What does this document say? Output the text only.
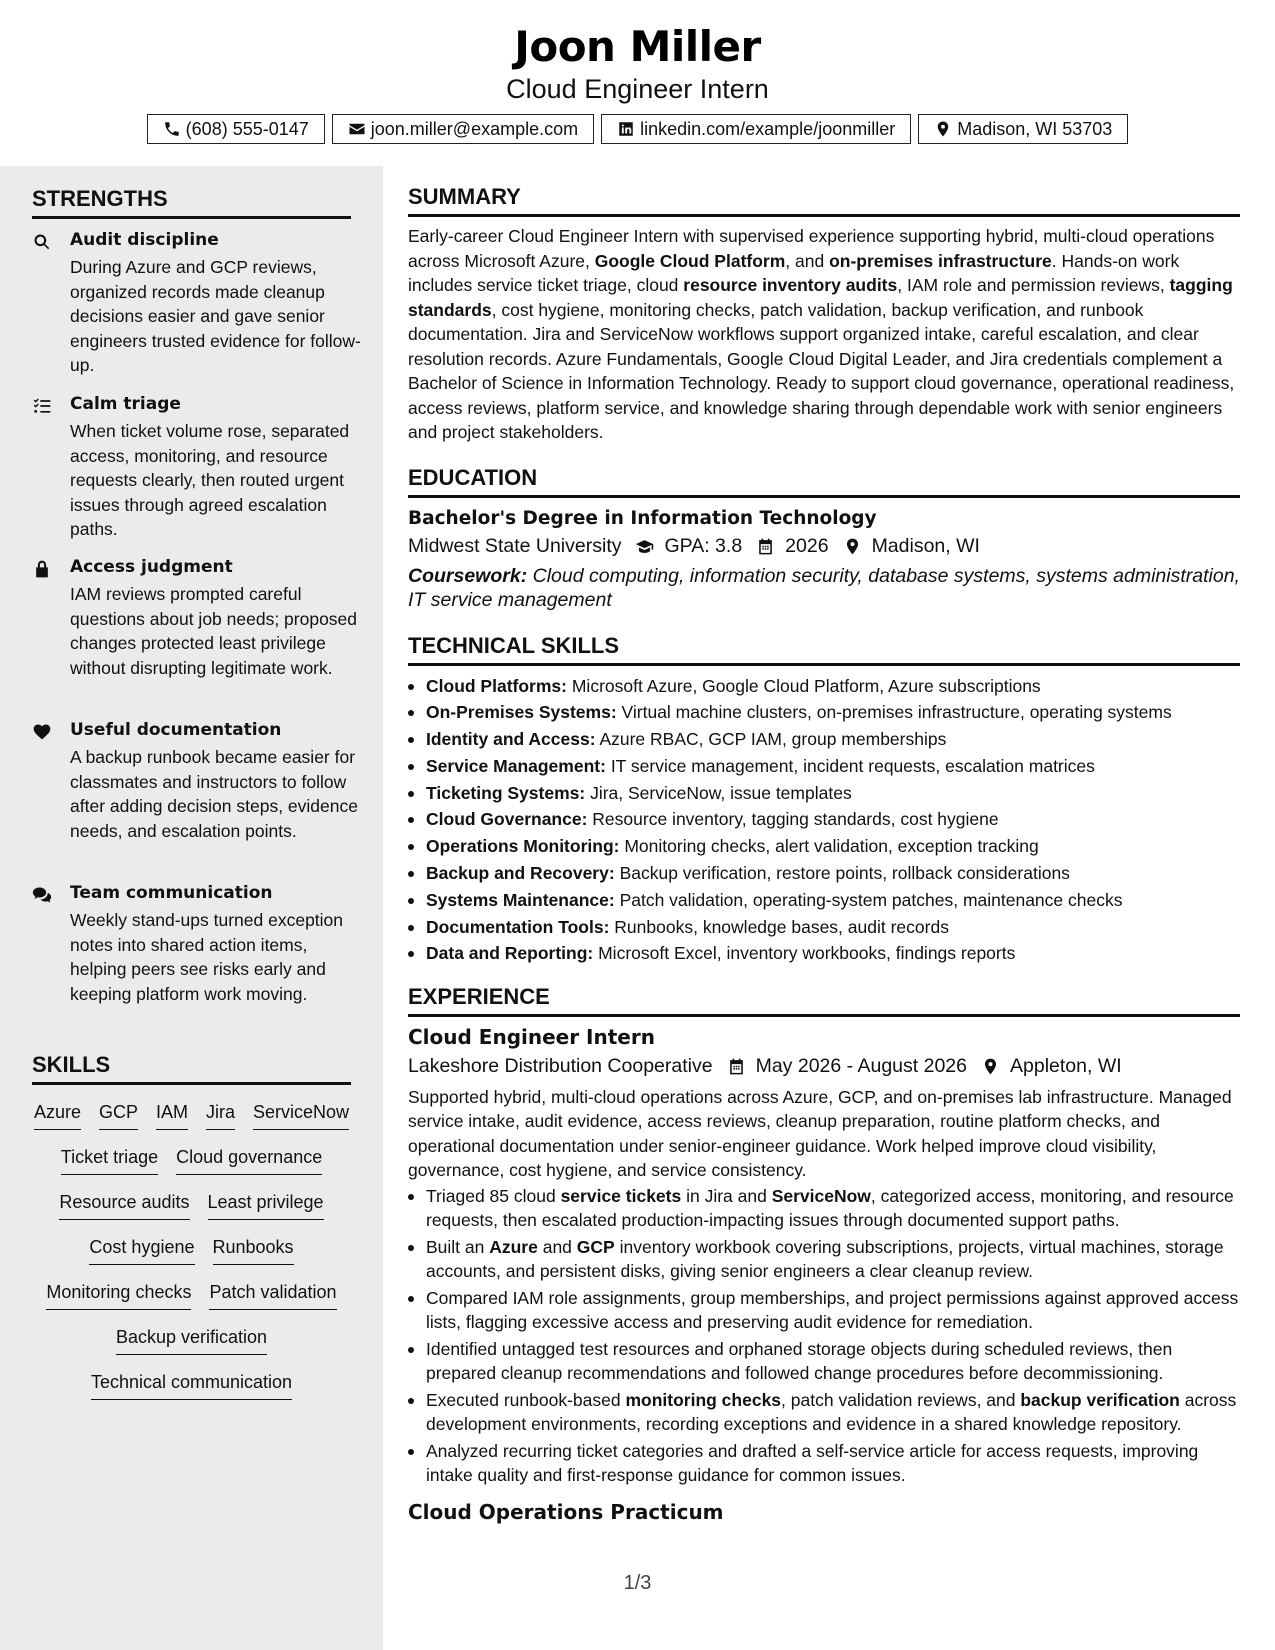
Joon Miller
Cloud Engineer Intern
(608) 555-0147	joon.miller@example.com	linkedin.com/example/joonmiller	Madison, WI 53703
STRENGTHS
Audit discipline
During Azure and GCP reviews, organized records made cleanup decisions easier and gave senior engineers trusted evidence for follow-up.
Calm triage
When ticket volume rose, separated access, monitoring, and resource requests clearly, then routed urgent issues through agreed escalation paths.
Access judgment
IAM reviews prompted careful questions about job needs; proposed changes protected least privilege without disrupting legitimate work.
Useful documentation
A backup runbook became easier for classmates and instructors to follow after adding decision steps, evidence needs, and escalation points.
Team communication
Weekly stand-ups turned exception notes into shared action items, helping peers see risks early and keeping platform work moving.
SKILLS
Azure GCP IAM Jira ServiceNow
Ticket triage Cloud governance
Resource audits Least privilege
Cost hygiene Runbooks
Monitoring checks Patch validation
Backup verification
Technical communication
SUMMARY
Early-career Cloud Engineer Intern with supervised experience supporting hybrid, multi-cloud operations across Microsoft Azure, Google Cloud Platform, and on-premises infrastructure. Hands-on work includes service ticket triage, cloud resource inventory audits, IAM role and permission reviews, tagging standards, cost hygiene, monitoring checks, patch validation, backup verification, and runbook documentation. Jira and ServiceNow workflows support organized intake, careful escalation, and clear resolution records. Azure Fundamentals, Google Cloud Digital Leader, and Jira credentials complement a Bachelor of Science in Information Technology. Ready to support cloud governance, operational readiness, access reviews, platform service, and knowledge sharing through dependable work with senior engineers and project stakeholders.
EDUCATION
Bachelor's Degree in Information Technology
Midwest State University GPA: 3.8 2026 Madison, WI
Coursework: Cloud computing, information security, database systems, systems administration, IT service management
TECHNICAL SKILLS
Cloud Platforms: Microsoft Azure, Google Cloud Platform, Azure subscriptions
On-Premises Systems: Virtual machine clusters, on-premises infrastructure, operating systems
Identity and Access: Azure RBAC, GCP IAM, group memberships
Service Management: IT service management, incident requests, escalation matrices
Ticketing Systems: Jira, ServiceNow, issue templates
Cloud Governance: Resource inventory, tagging standards, cost hygiene
Operations Monitoring: Monitoring checks, alert validation, exception tracking
Backup and Recovery: Backup verification, restore points, rollback considerations
Systems Maintenance: Patch validation, operating-system patches, maintenance checks
Documentation Tools: Runbooks, knowledge bases, audit records
Data and Reporting: Microsoft Excel, inventory workbooks, findings reports
EXPERIENCE
Cloud Engineer Intern
Lakeshore Distribution Cooperative May 2026 - August 2026 Appleton, WI
Supported hybrid, multi-cloud operations across Azure, GCP, and on-premises lab infrastructure. Managed service intake, audit evidence, access reviews, cleanup preparation, routine platform checks, and operational documentation under senior-engineer guidance. Work helped improve cloud visibility, governance, cost hygiene, and service consistency.
Triaged 85 cloud service tickets in Jira and ServiceNow, categorized access, monitoring, and resource requests, then escalated production-impacting issues through documented support paths.
Built an Azure and GCP inventory workbook covering subscriptions, projects, virtual machines, storage accounts, and persistent disks, giving senior engineers a clear cleanup review.
Compared IAM role assignments, group memberships, and project permissions against approved access lists, flagging excessive access and preserving audit evidence for remediation.
Identified untagged test resources and orphaned storage objects during scheduled reviews, then prepared cleanup recommendations and followed change procedures before decommissioning.
Executed runbook-based monitoring checks, patch validation reviews, and backup verification across development environments, recording exceptions and evidence in a shared knowledge repository.
Analyzed recurring ticket categories and drafted a self-service article for access requests, improving intake quality and first-response guidance for common issues.
Cloud Operations Practicum
1/3
